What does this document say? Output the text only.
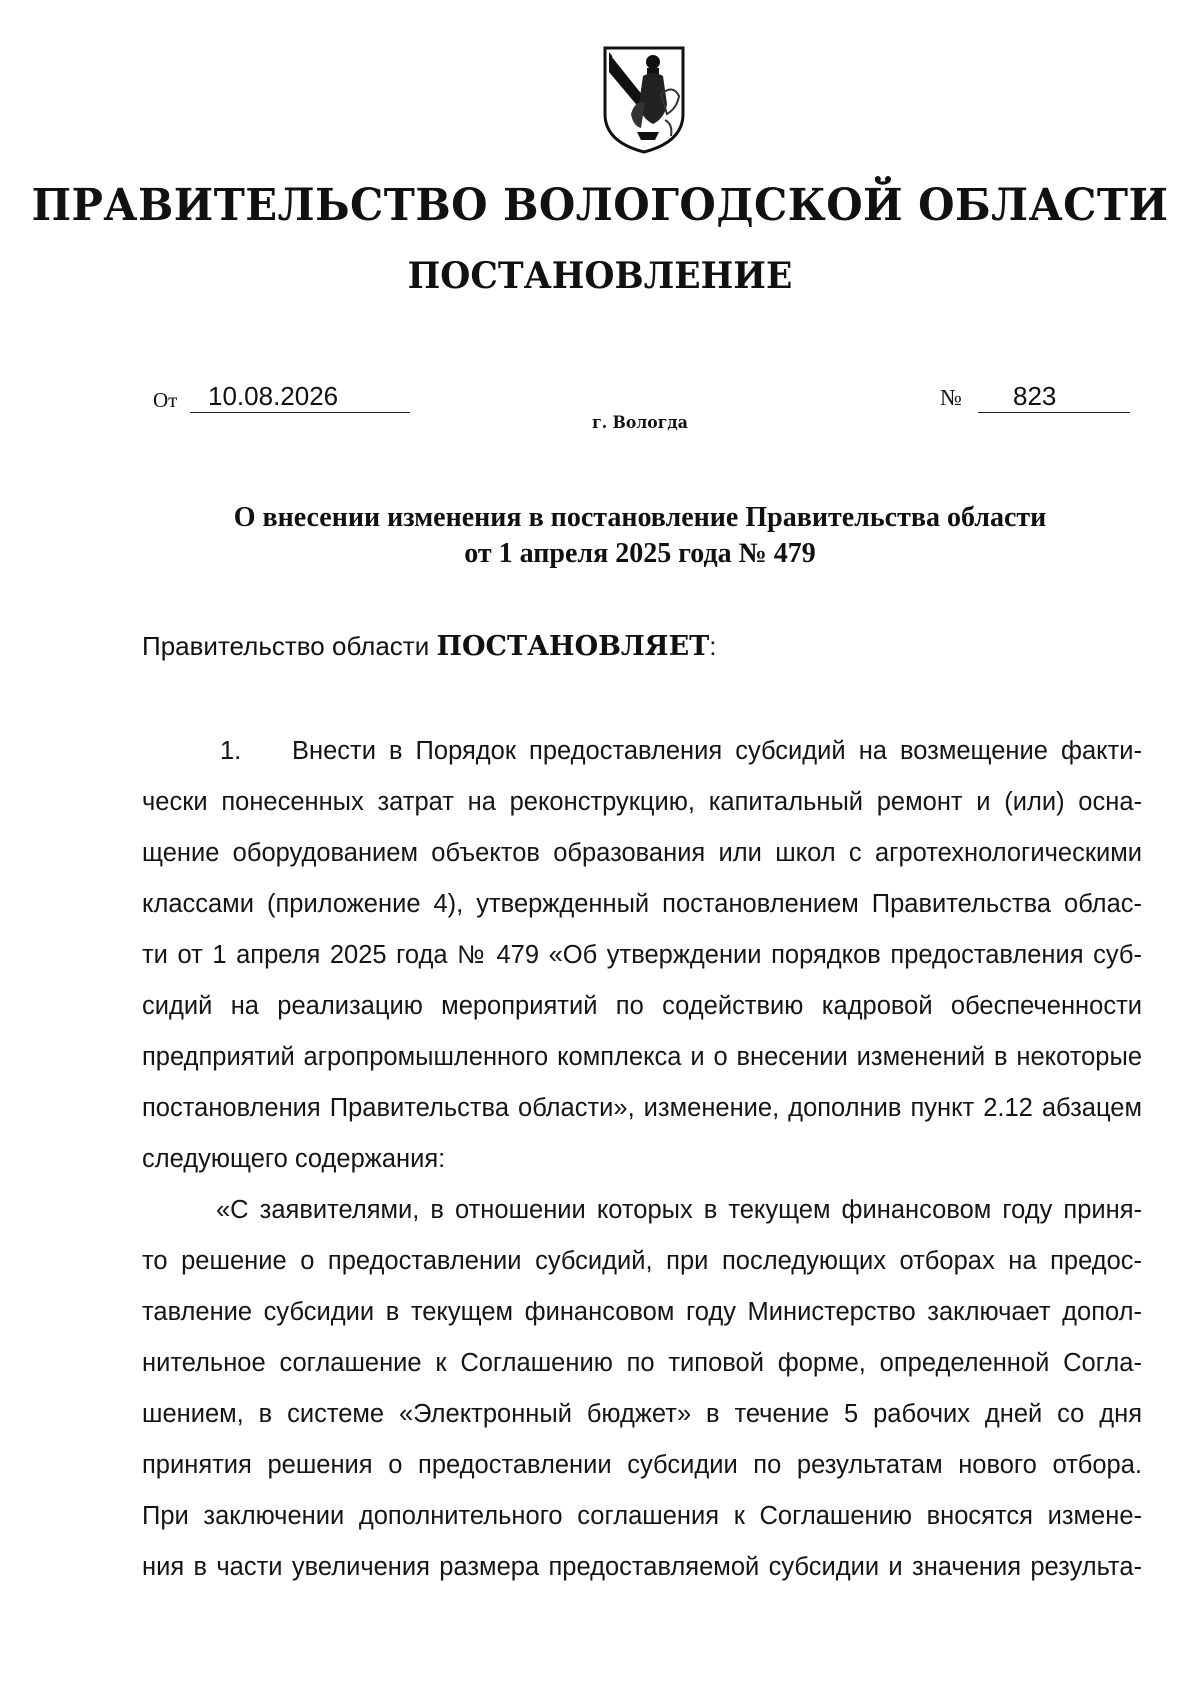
ПРАВИТЕЛЬСТВО ВОЛОГОДСКОЙ ОБЛАСТИ
ПОСТАНОВЛЕНИЕ
От	10.08.2026	№	823
г. Вологда

О внесении изменения в постановление Правительства области
от 1 апреля 2025 года № 479

Правительство области ПОСТАНОВЛЯЕТ:

1. Внести в Порядок предоставления субсидий на возмещение факти-
чески понесенных затрат на реконструкцию, капитальный ремонт и (или) осна-
щение оборудованием объектов образования или школ с агротехнологическими
классами (приложение 4), утвержденный постановлением Правительства облас-
ти от 1 апреля 2025 года № 479 «Об утверждении порядков предоставления суб-
сидий на реализацию мероприятий по содействию кадровой обеспеченности
предприятий агропромышленного комплекса и о внесении изменений в некоторые
постановления Правительства области», изменение, дополнив пункт 2.12 абзацем
следующего содержания:
«С заявителями, в отношении которых в текущем финансовом году приня-
то решение о предоставлении субсидий, при последующих отборах на предос-
тавление субсидии в текущем финансовом году Министерство заключает допол-
нительное соглашение к Соглашению по типовой форме, определенной Согла-
шением, в системе «Электронный бюджет» в течение 5 рабочих дней со дня
принятия решения о предоставлении субсидии по результатам нового отбора.
При заключении дополнительного соглашения к Соглашению вносятся измене-
ния в части увеличения размера предоставляемой субсидии и значения результа-
